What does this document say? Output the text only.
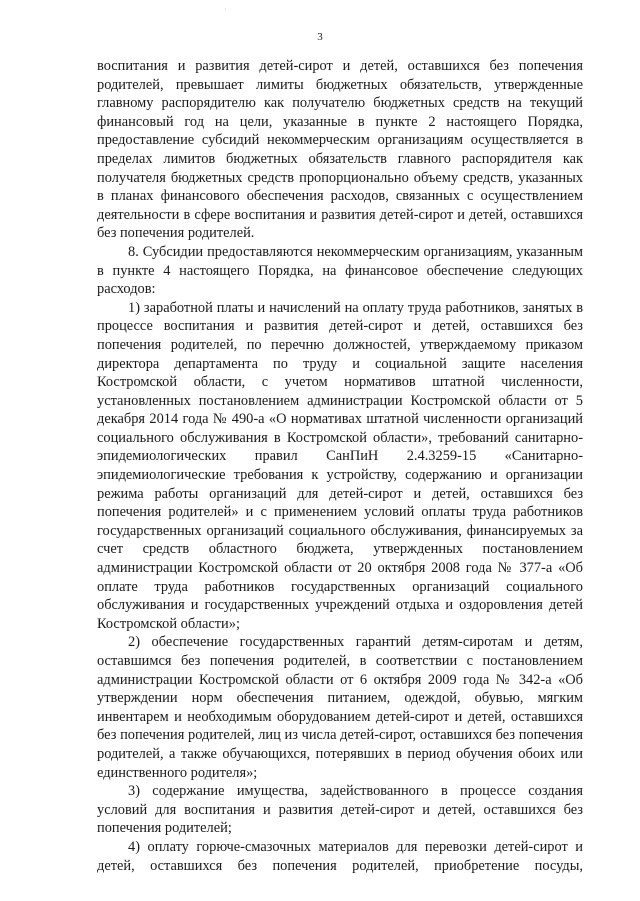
·
3

воспитания и развития детей-сирот и детей, оставшихся без попечения родителей, превышает лимиты бюджетных обязательств, утвержденные главному распорядителю как получателю бюджетных средств на текущий финансовый год на цели, указанные в пункте 2 настоящего Порядка, предоставление субсидий некоммерческим организациям осуществляется в пределах лимитов бюджетных обязательств главного распорядителя как получателя бюджетных средств пропорционально объему средств, указанных в планах финансового обеспечения расходов, связанных с осуществлением деятельности в сфере воспитания и развития детей-сирот и детей, оставшихся без попечения родителей.

8. Субсидии предоставляются некоммерческим организациям, указанным в пункте 4 настоящего Порядка, на финансовое обеспечение следующих расходов:

1) заработной платы и начислений на оплату труда работников, занятых в процессе воспитания и развития детей-сирот и детей, оставшихся без попечения родителей, по перечню должностей, утверждаемому приказом директора департамента по труду и социальной защите населения Костромской области, с учетом нормативов штатной численности, установленных постановлением администрации Костромской области от 5 декабря 2014 года № 490-а «О нормативах штатной численности организаций социального обслуживания в Костромской области», требований санитарно-эпидемиологических правил СанПиН 2.4.3259-15 «Санитарно-эпидемиологические требования к устройству, содержанию и организации режима работы организаций для детей-сирот и детей, оставшихся без попечения родителей» и с применением условий оплаты труда работников государственных организаций социального обслуживания, финансируемых за счет средств областного бюджета, утвержденных постановлением администрации Костромской области от 20 октября 2008 года № 377-а «Об оплате труда работников государственных организаций социального обслуживания и государственных учреждений отдыха и оздоровления детей Костромской области»;

2) обеспечение государственных гарантий детям-сиротам и детям, оставшимся без попечения родителей, в соответствии с постановлением администрации Костромской области от 6 октября 2009 года № 342-а «Об утверждении норм обеспечения питанием, одеждой, обувью, мягким инвентарем и необходимым оборудованием детей-сирот и детей, оставшихся без попечения родителей, лиц из числа детей-сирот, оставшихся без попечения родителей, а также обучающихся, потерявших в период обучения обоих или единственного родителя»;

3) содержание имущества, задействованного в процессе создания условий для воспитания и развития детей-сирот и детей, оставшихся без попечения родителей;

4) оплату горюче-смазочных материалов для перевозки детей-сирот и детей, оставшихся без попечения родителей, приобретение посуды,
